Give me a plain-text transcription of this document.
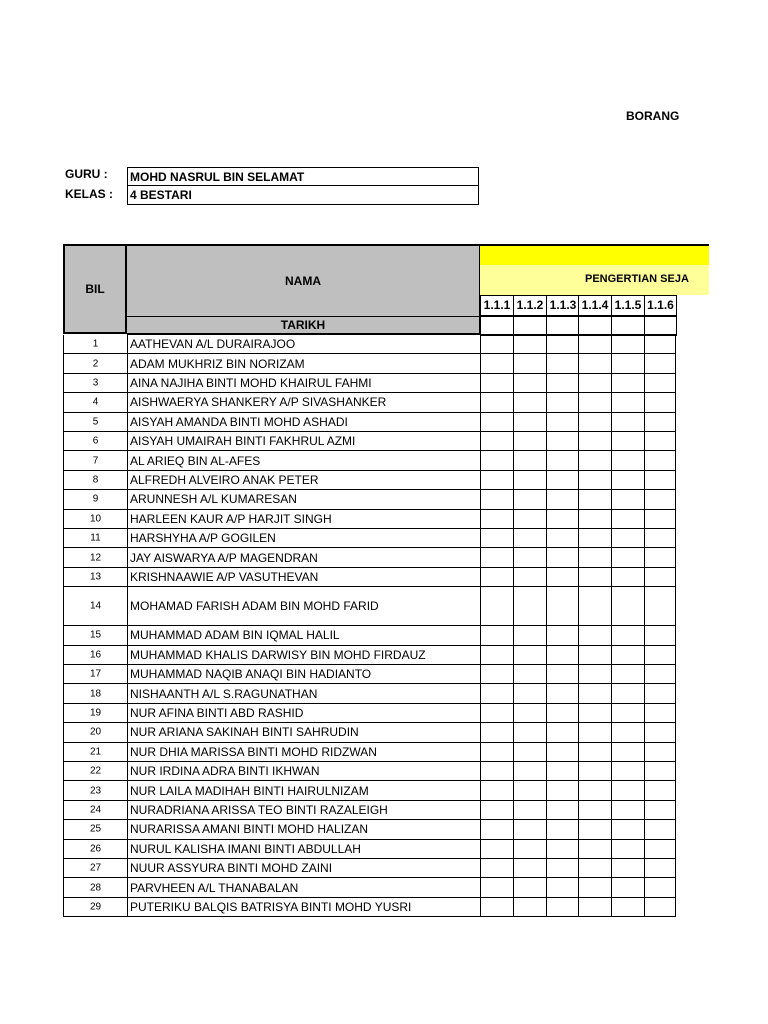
BORANG
GURU : MOHD NASRUL BIN SELAMAT
KELAS : 4 BESTARI
BIL
NAMA
TARIKH
PENGERTIAN SEJA
1.1.1 1.1.2 1.1.3 1.1.4 1.1.5 1.1.6
1	AATHEVAN A/L DURAIRAJOO
2	ADAM MUKHRIZ BIN NORIZAM
3	AINA NAJIHA BINTI MOHD KHAIRUL FAHMI
4	AISHWAERYA SHANKERY A/P SIVASHANKER
5	AISYAH AMANDA BINTI MOHD ASHADI
6	AISYAH UMAIRAH BINTI FAKHRUL AZMI
7	AL ARIEQ BIN AL-AFES
8	ALFREDH ALVEIRO ANAK PETER
9	ARUNNESH A/L KUMARESAN
10	HARLEEN KAUR A/P HARJIT SINGH
11	HARSHYHA A/P GOGILEN
12	JAY AISWARYA A/P MAGENDRAN
13	KRISHNAAWIE A/P VASUTHEVAN
14	MOHAMAD FARISH ADAM BIN MOHD FARID
15	MUHAMMAD ADAM BIN IQMAL HALIL
16	MUHAMMAD KHALIS DARWISY BIN MOHD FIRDAUZ
17	MUHAMMAD NAQIB ANAQI BIN HADIANTO
18	NISHAANTH A/L S.RAGUNATHAN
19	NUR AFINA BINTI ABD RASHID
20	NUR ARIANA SAKINAH BINTI SAHRUDIN
21	NUR DHIA MARISSA BINTI MOHD RIDZWAN
22	NUR IRDINA ADRA BINTI IKHWAN
23	NUR LAILA MADIHAH BINTI HAIRULNIZAM
24	NURADRIANA ARISSA TEO BINTI RAZALEIGH
25	NURARISSA AMANI BINTI MOHD HALIZAN
26	NURUL KALISHA IMANI BINTI ABDULLAH
27	NUUR ASSYURA BINTI MOHD ZAINI
28	PARVHEEN A/L THANABALAN
29	PUTERIKU BALQIS BATRISYA BINTI MOHD YUSRI
